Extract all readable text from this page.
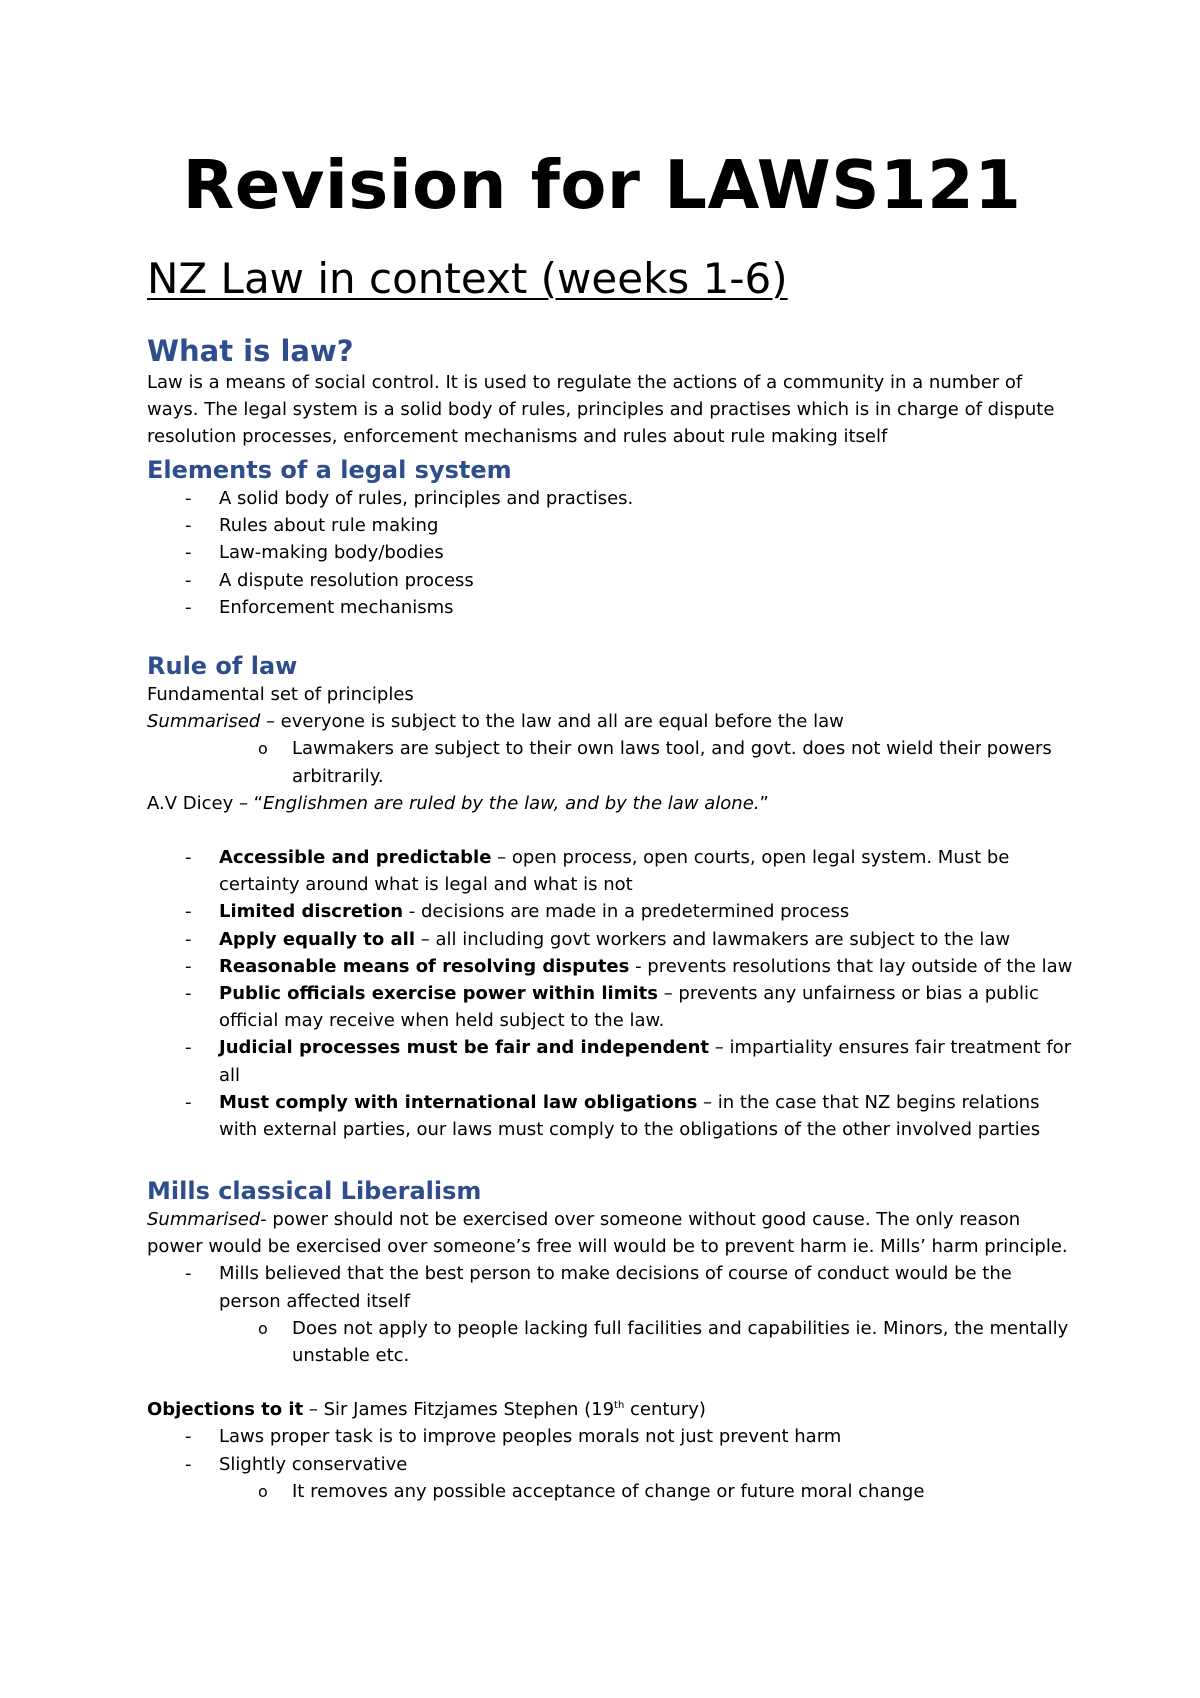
Revision for LAWS121
NZ Law in context (weeks 1-6)
What is law?

Law is a means of social control. It is used to regulate the actions of a community in a number of ways. The legal system is a solid body of rules, principles and practises which is in charge of dispute resolution processes, enforcement mechanisms and rules about rule making itself

Elements of a legal system
- A solid body of rules, principles and practises.
- Rules about rule making
- Law-making body/bodies
- A dispute resolution process
- Enforcement mechanisms
Rule of law

Fundamental set of principles

Summarised – everyone is subject to the law and all are equal before the law

o Lawmakers are subject to their own laws tool, and govt. does not wield their powers arbitrarily.

A.V Dicey – “Englishmen are ruled by the law, and by the law alone.”

- Accessible and predictable – open process, open courts, open legal system. Must be certainty around what is legal and what is not
- Limited discretion - decisions are made in a predetermined process
- Apply equally to all – all including govt workers and lawmakers are subject to the law
- Reasonable means of resolving disputes - prevents resolutions that lay outside of the law
- Public officials exercise power within limits – prevents any unfairness or bias a public official may receive when held subject to the law.
- Judicial processes must be fair and independent – impartiality ensures fair treatment for all
- Must comply with international law obligations – in the case that NZ begins relations with external parties, our laws must comply to the obligations of the other involved parties
Mills classical Liberalism

Summarised- power should not be exercised over someone without good cause. The only reason power would be exercised over someone’s free will would be to prevent harm ie. Mills’ harm principle.

- Mills believed that the best person to make decisions of course of conduct would be the person affected itself
o Does not apply to people lacking full facilities and capabilities ie. Minors, the mentally unstable etc.

Objections to it – Sir James Fitzjames Stephen (19th century)

- Laws proper task is to improve peoples morals not just prevent harm
- Slightly conservative
o It removes any possible acceptance of change or future moral change
